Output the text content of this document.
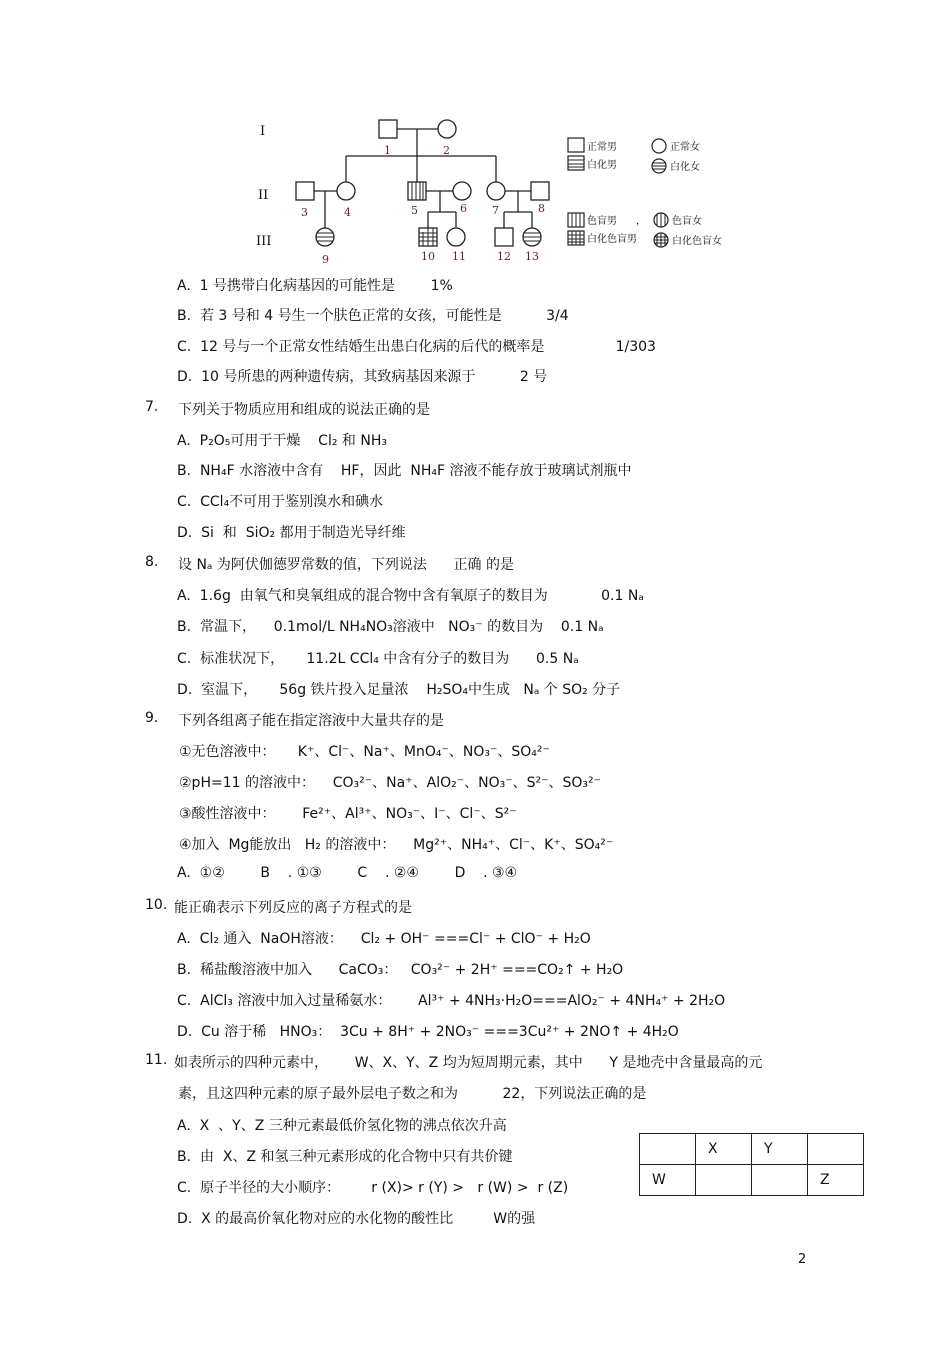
I
II
III
1	2
3	4	5	6 7	8
9	10 11	12 13
正常男
白化男
正常女
白化女
色盲男 ，	色盲女
白化色盲男	白化色盲女
A.  1 号携带白化病基因的可能性是        1%
B.  若 3 号和 4 号生一个肤色正常的女孩，可能性是          3/4
C.  12 号与一个正常女性结婚生出患白化病的后代的概率是                1/303
D.  10 号所患的两种遗传病，其致病基因来源于          2 号
7. 下列关于物质应用和组成的说法正确的是
A.  P₂O₅可用于干燥    Cl₂ 和 NH₃
B.  NH₄F 水溶液中含有    HF，因此  NH₄F 溶液不能存放于玻璃试剂瓶中
C.  CCl₄不可用于鉴别溴水和碘水
D.  Si  和  SiO₂ 都用于制造光导纤维
8. 设 Nₐ 为阿伏伽德罗常数的值，下列说法      正确 的是
A.  1.6g  由氧气和臭氧组成的混合物中含有氧原子的数目为            0.1 Nₐ
B.  常温下，    0.1mol/L NH₄NO₃溶液中   NO₃⁻ 的数目为    0.1 Nₐ
C.  标准状况下，     11.2L CCl₄ 中含有分子的数目为      0.5 Nₐ
D.  室温下，     56g 铁片投入足量浓    H₂SO₄中生成   Nₐ 个 SO₂ 分子
9. 下列各组离子能在指定溶液中大量共存的是
①无色溶液中：     K⁺、Cl⁻、Na⁺、MnO₄⁻、NO₃⁻、SO₄²⁻
②pH=11 的溶液中：    CO₃²⁻、Na⁺、AlO₂⁻、NO₃⁻、S²⁻、SO₃²⁻
③酸性溶液中：      Fe²⁺、Al³⁺、NO₃⁻、I⁻、Cl⁻、S²⁻
④加入  Mg能放出   H₂ 的溶液中：    Mg²⁺、NH₄⁺、Cl⁻、K⁺、SO₄²⁻
A.  ①②        B    . ①③        C    . ②④        D    . ③④
10. 能正确表示下列反应的离子方程式的是
A.  Cl₂ 通入  NaOH溶液：    Cl₂ + OH⁻ ===Cl⁻ + ClO⁻ + H₂O
B.  稀盐酸溶液中加入      CaCO₃：   CO₃²⁻ + 2H⁺ ===CO₂↑ + H₂O
C.  AlCl₃ 溶液中加入过量稀氨水：      Al³⁺ + 4NH₃·H₂O===AlO₂⁻ + 4NH₄⁺ + 2H₂O
D.  Cu 溶于稀   HNO₃：  3Cu + 8H⁺ + 2NO₃⁻ ===3Cu²⁺ + 2NO↑ + 4H₂O
11. 如表所示的四种元素中，      W、X、Y、Z 均为短周期元素，其中      Y 是地壳中含量最高的元
素，且这四种元素的原子最外层电子数之和为          22，下列说法正确的是
A.  X  、Y、Z 三种元素最低价氢化物的沸点依次升高
B.  由  X、Z 和氢三种元素形成的化合物中只有共价键
C.  原子半径的大小顺序：       r (X)> r (Y) >   r (W) >  r (Z)
D.  X 的最高价氧化物对应的水化物的酸性比         W的强
	X	Y	
W			Z
2
